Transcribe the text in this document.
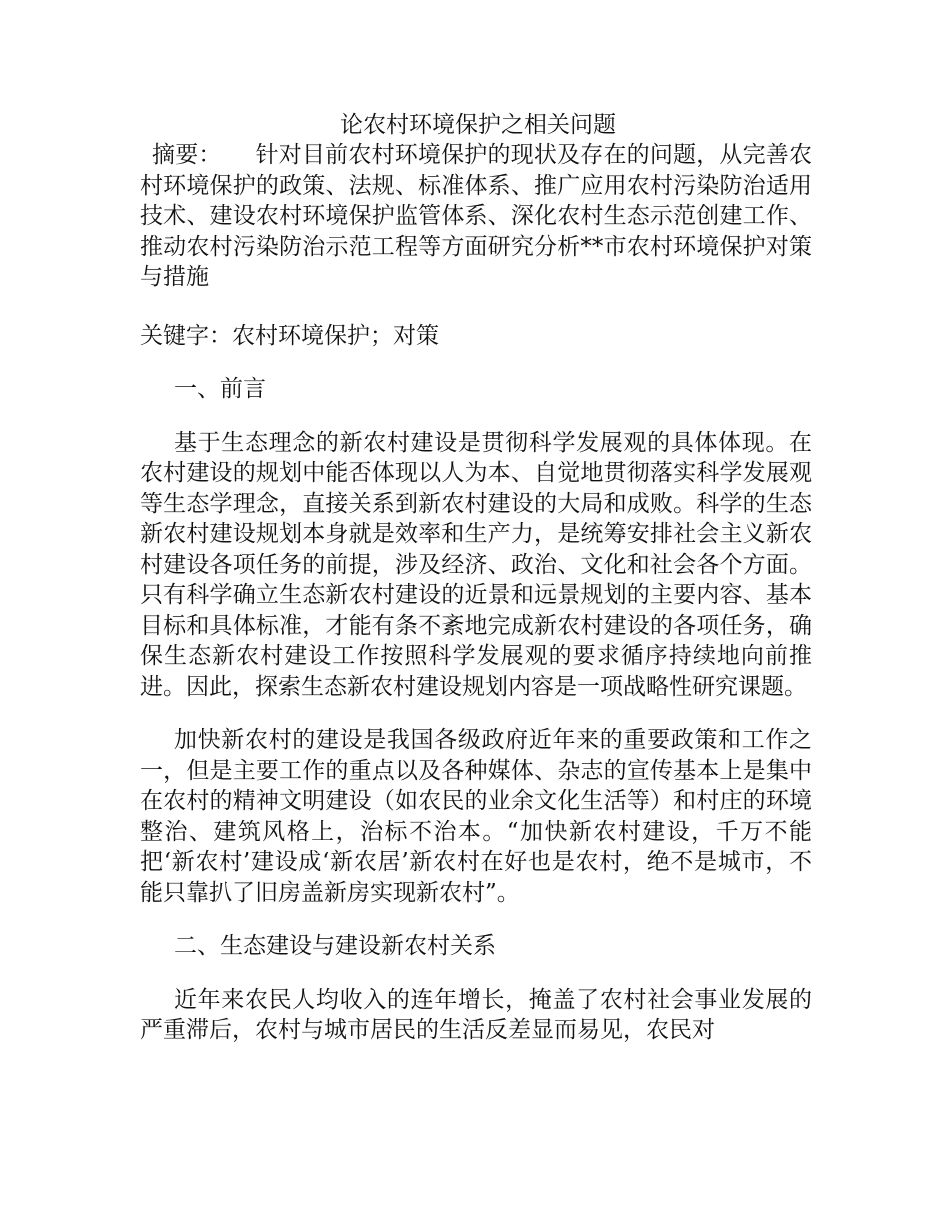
论农村环境保护之相关问题

摘要： 针对目前农村环境保护的现状及存在的问题，从完善农村环境保护的政策、法规、标准体系、推广应用农村污染防治适用技术、建设农村环境保护监管体系、深化农村生态示范创建工作、推动农村污染防治示范工程等方面研究分析**市农村环境保护对策与措施

关键字：农村环境保护；对策

一、前言

基于生态理念的新农村建设是贯彻科学发展观的具体体现。在农村建设的规划中能否体现以人为本、自觉地贯彻落实科学发展观等生态学理念，直接关系到新农村建设的大局和成败。科学的生态新农村建设规划本身就是效率和生产力，是统筹安排社会主义新农村建设各项任务的前提，涉及经济、政治、文化和社会各个方面。只有科学确立生态新农村建设的近景和远景规划的主要内容、基本目标和具体标准，才能有条不紊地完成新农村建设的各项任务，确保生态新农村建设工作按照科学发展观的要求循序持续地向前推进。因此，探索生态新农村建设规划内容是一项战略性研究课题。

加快新农村的建设是我国各级政府近年来的重要政策和工作之一，但是主要工作的重点以及各种媒体、杂志的宣传基本上是集中在农村的精神文明建设（如农民的业余文化生活等）和村庄的环境整治、建筑风格上，治标不治本。“加快新农村建设，千万不能把‘新农村’建设成‘新农居’新农村在好也是农村，绝不是城市，不能只靠扒了旧房盖新房实现新农村”。

二、生态建设与建设新农村关系

近年来农民人均收入的连年增长，掩盖了农村社会事业发展的严重滞后，农村与城市居民的生活反差显而易见，农民对
